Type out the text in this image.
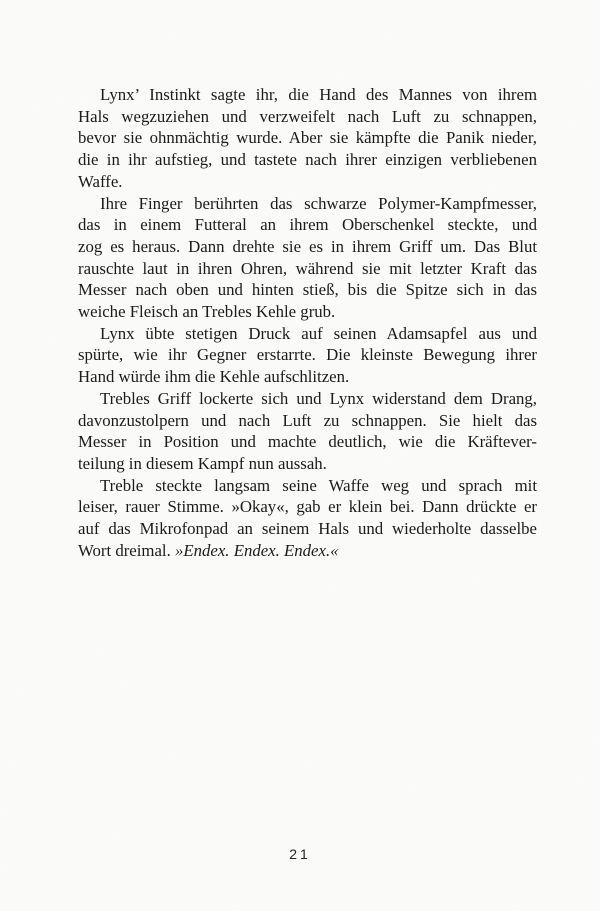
Lynx’ Instinkt sagte ihr, die Hand des Mannes von ihrem
Hals wegzuziehen und verzweifelt nach Luft zu schnappen,
bevor sie ohnmächtig wurde. Aber sie kämpfte die Panik nieder,
die in ihr aufstieg, und tastete nach ihrer einzigen verbliebenen
Waffe.

Ihre Finger berührten das schwarze Polymer-Kampfmesser,
das in einem Futteral an ihrem Oberschenkel steckte, und
zog es heraus. Dann drehte sie es in ihrem Griff um. Das Blut
rauschte laut in ihren Ohren, während sie mit letzter Kraft das
Messer nach oben und hinten stieß, bis die Spitze sich in das
weiche Fleisch an Trebles Kehle grub.

Lynx übte stetigen Druck auf seinen Adamsapfel aus und
spürte, wie ihr Gegner erstarrte. Die kleinste Bewegung ihrer
Hand würde ihm die Kehle aufschlitzen.

Trebles Griff lockerte sich und Lynx widerstand dem Drang,
davonzustolpern und nach Luft zu schnappen. Sie hielt das
Messer in Position und machte deutlich, wie die Kräftever-
teilung in diesem Kampf nun aussah.

Treble steckte langsam seine Waffe weg und sprach mit
leiser, rauer Stimme. »Okay«, gab er klein bei. Dann drückte er
auf das Mikrofonpad an seinem Hals und wiederholte dasselbe
Wort dreimal. »Endex. Endex. Endex.«

21
